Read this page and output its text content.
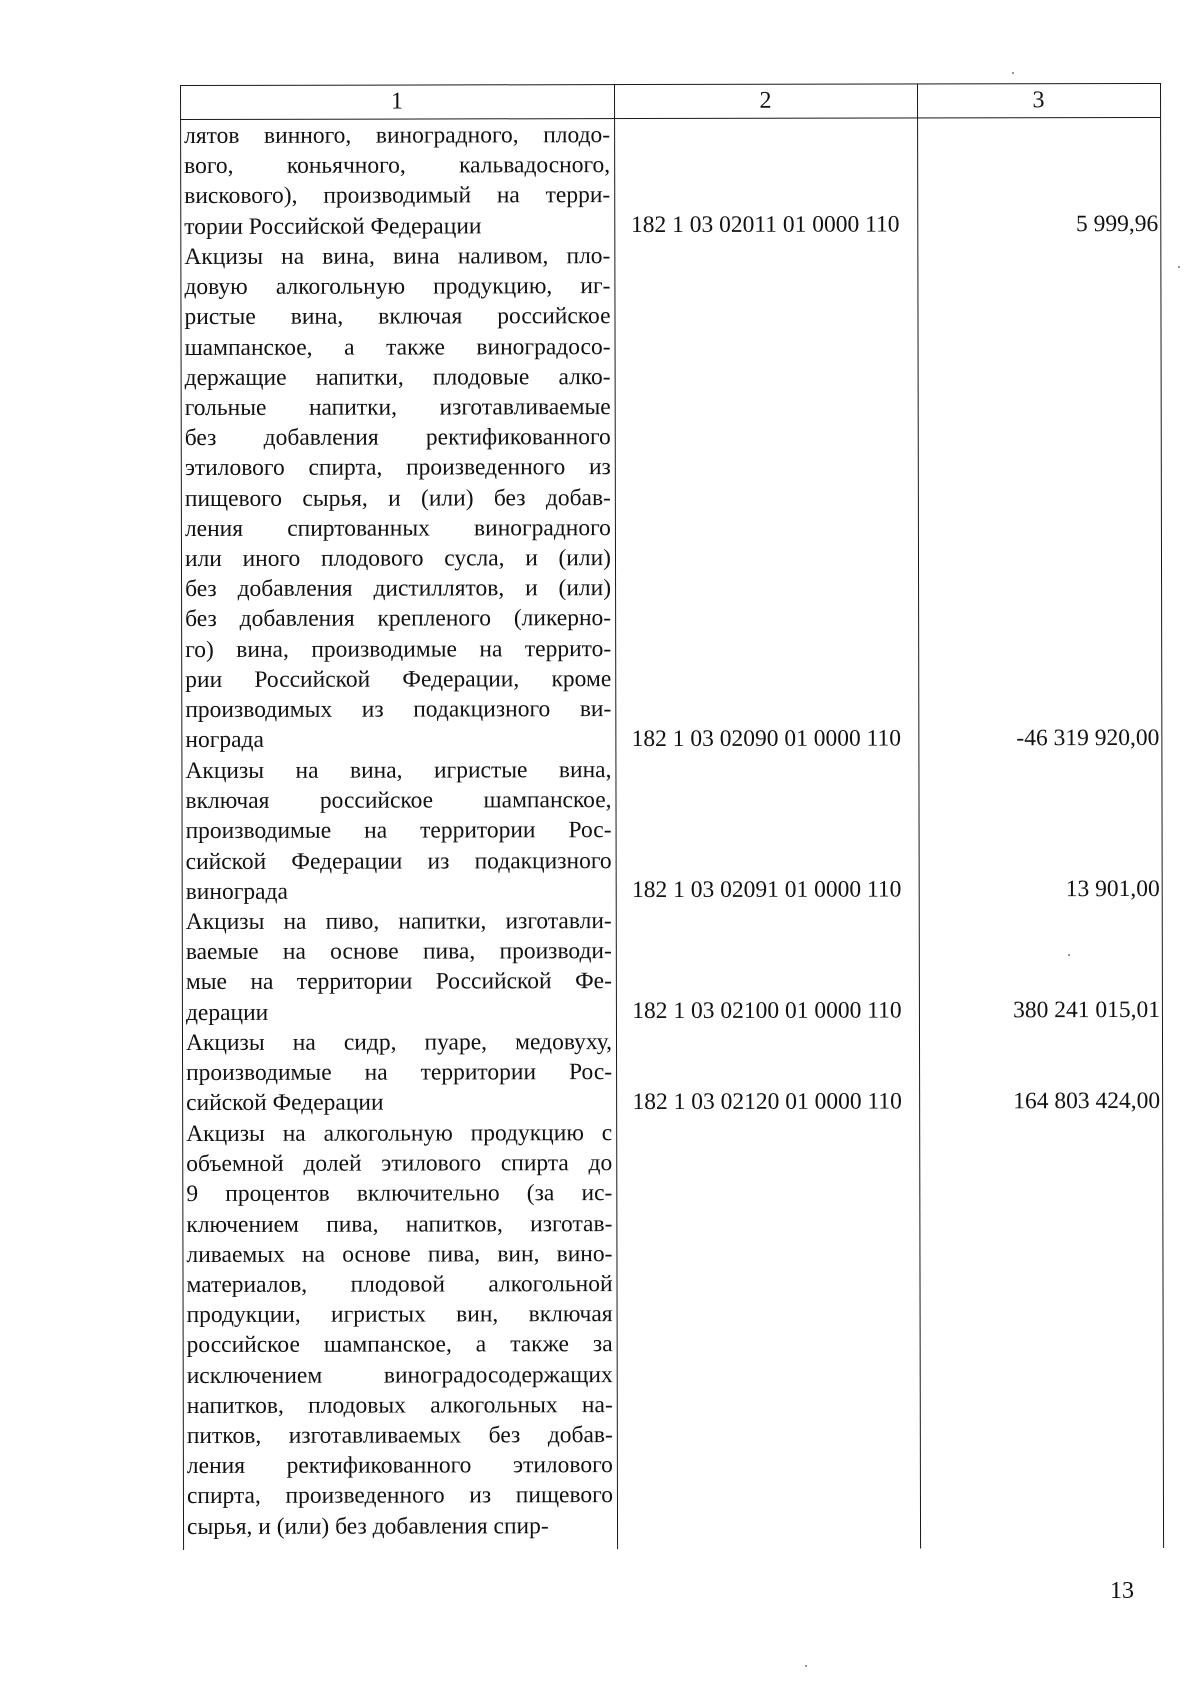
1	2	3
лятов винного, виноградного, плодо-
вого, коньячного, кальвадосного,
вискового), производимый на терри-
тории Российской Федерации
Акцизы на вина, вина наливом, пло-
довую алкогольную продукцию, иг-
ристые вина, включая российское
шампанское, а также виноградосо-
держащие напитки, плодовые алко-
гольные напитки, изготавливаемые
без добавления ректификованного
этилового спирта, произведенного из
пищевого сырья, и (или) без добав-
ления спиртованных виноградного
или иного плодового сусла, и (или)
без добавления дистиллятов, и (или)
без добавления крепленого (ликерно-
го) вина, производимые на террито-
рии Российской Федерации, кроме
производимых из подакцизного ви-
нограда
Акцизы на вина, игристые вина,
включая российское шампанское,
производимые на территории Рос-
сийской Федерации из подакцизного
винограда
Акцизы на пиво, напитки, изготавли-
ваемые на основе пива, производи-
мые на территории Российской Фе-
дерации
Акцизы на сидр, пуаре, медовуху,
производимые на территории Рос-
сийской Федерации
Акцизы на алкогольную продукцию с
объемной долей этилового спирта до
9 процентов включительно (за ис-
ключением пива, напитков, изготав-
ливаемых на основе пива, вин, вино-
материалов, плодовой алкогольной
продукции, игристых вин, включая
российское шампанское, а также за
исключением виноградосодержащих
напитков, плодовых алкогольных на-
питков, изготавливаемых без добав-
ления ректификованного этилового
спирта, произведенного из пищевого
сырья, и (или) без добавления спир-
182 1 03 02011 01 0000 110
182 1 03 02090 01 0000 110
182 1 03 02091 01 0000 110
182 1 03 02100 01 0000 110
182 1 03 02120 01 0000 110
5 999,96
-46 319 920,00
13 901,00
380 241 015,01
164 803 424,00
13
